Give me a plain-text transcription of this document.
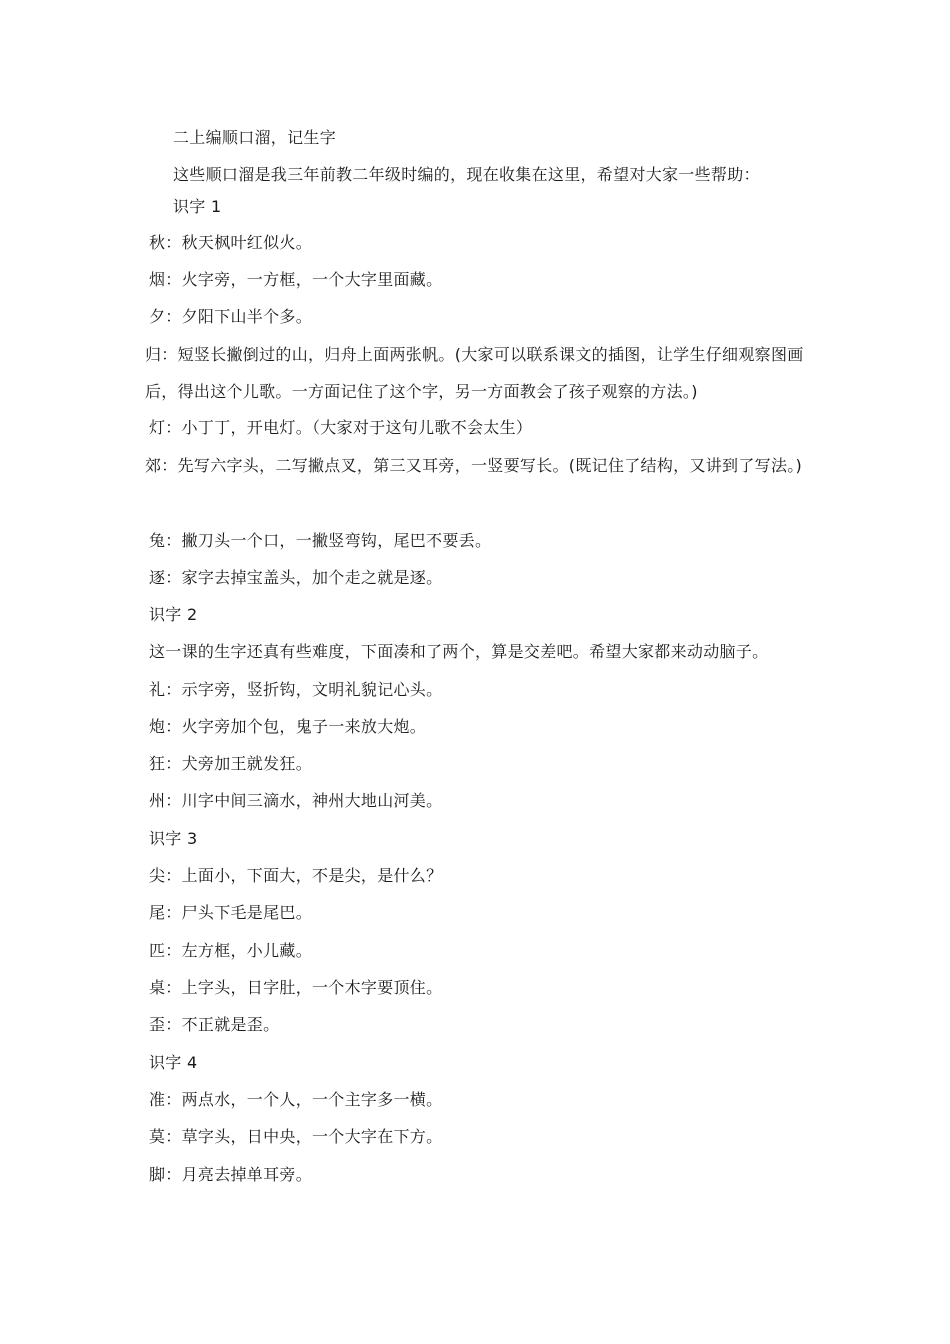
二上编顺口溜，记生字
这些顺口溜是我三年前教二年级时编的，现在收集在这里，希望对大家一些帮助：
识字 1
秋：秋天枫叶红似火。
烟：火字旁，一方框，一个大字里面藏。
夕：夕阳下山半个多。
归：短竖长撇倒过的山，归舟上面两张帆。(大家可以联系课文的插图，让学生仔细观察图画后，得出这个儿歌。一方面记住了这个字，另一方面教会了孩子观察的方法。)
灯：小丁丁，开电灯。（大家对于这句儿歌不会太生）
郊：先写六字头，二写撇点叉，第三又耳旁，一竖要写长。(既记住了结构，又讲到了写法。)
兔：撇刀头一个口，一撇竖弯钩，尾巴不要丢。
逐：家字去掉宝盖头，加个走之就是逐。
识字 2
这一课的生字还真有些难度，下面凑和了两个，算是交差吧。希望大家都来动动脑子。
礼：示字旁，竖折钩，文明礼貌记心头。
炮：火字旁加个包，鬼子一来放大炮。
狂：犬旁加王就发狂。
州：川字中间三滴水，神州大地山河美。
识字 3
尖：上面小，下面大，不是尖，是什么？
尾：尸头下毛是尾巴。
匹：左方框，小儿藏。
桌：上字头，日字肚，一个木字要顶住。
歪：不正就是歪。
识字 4
准：两点水，一个人，一个主字多一横。
莫：草字头，日中央，一个大字在下方。
脚：月亮去掉单耳旁。
